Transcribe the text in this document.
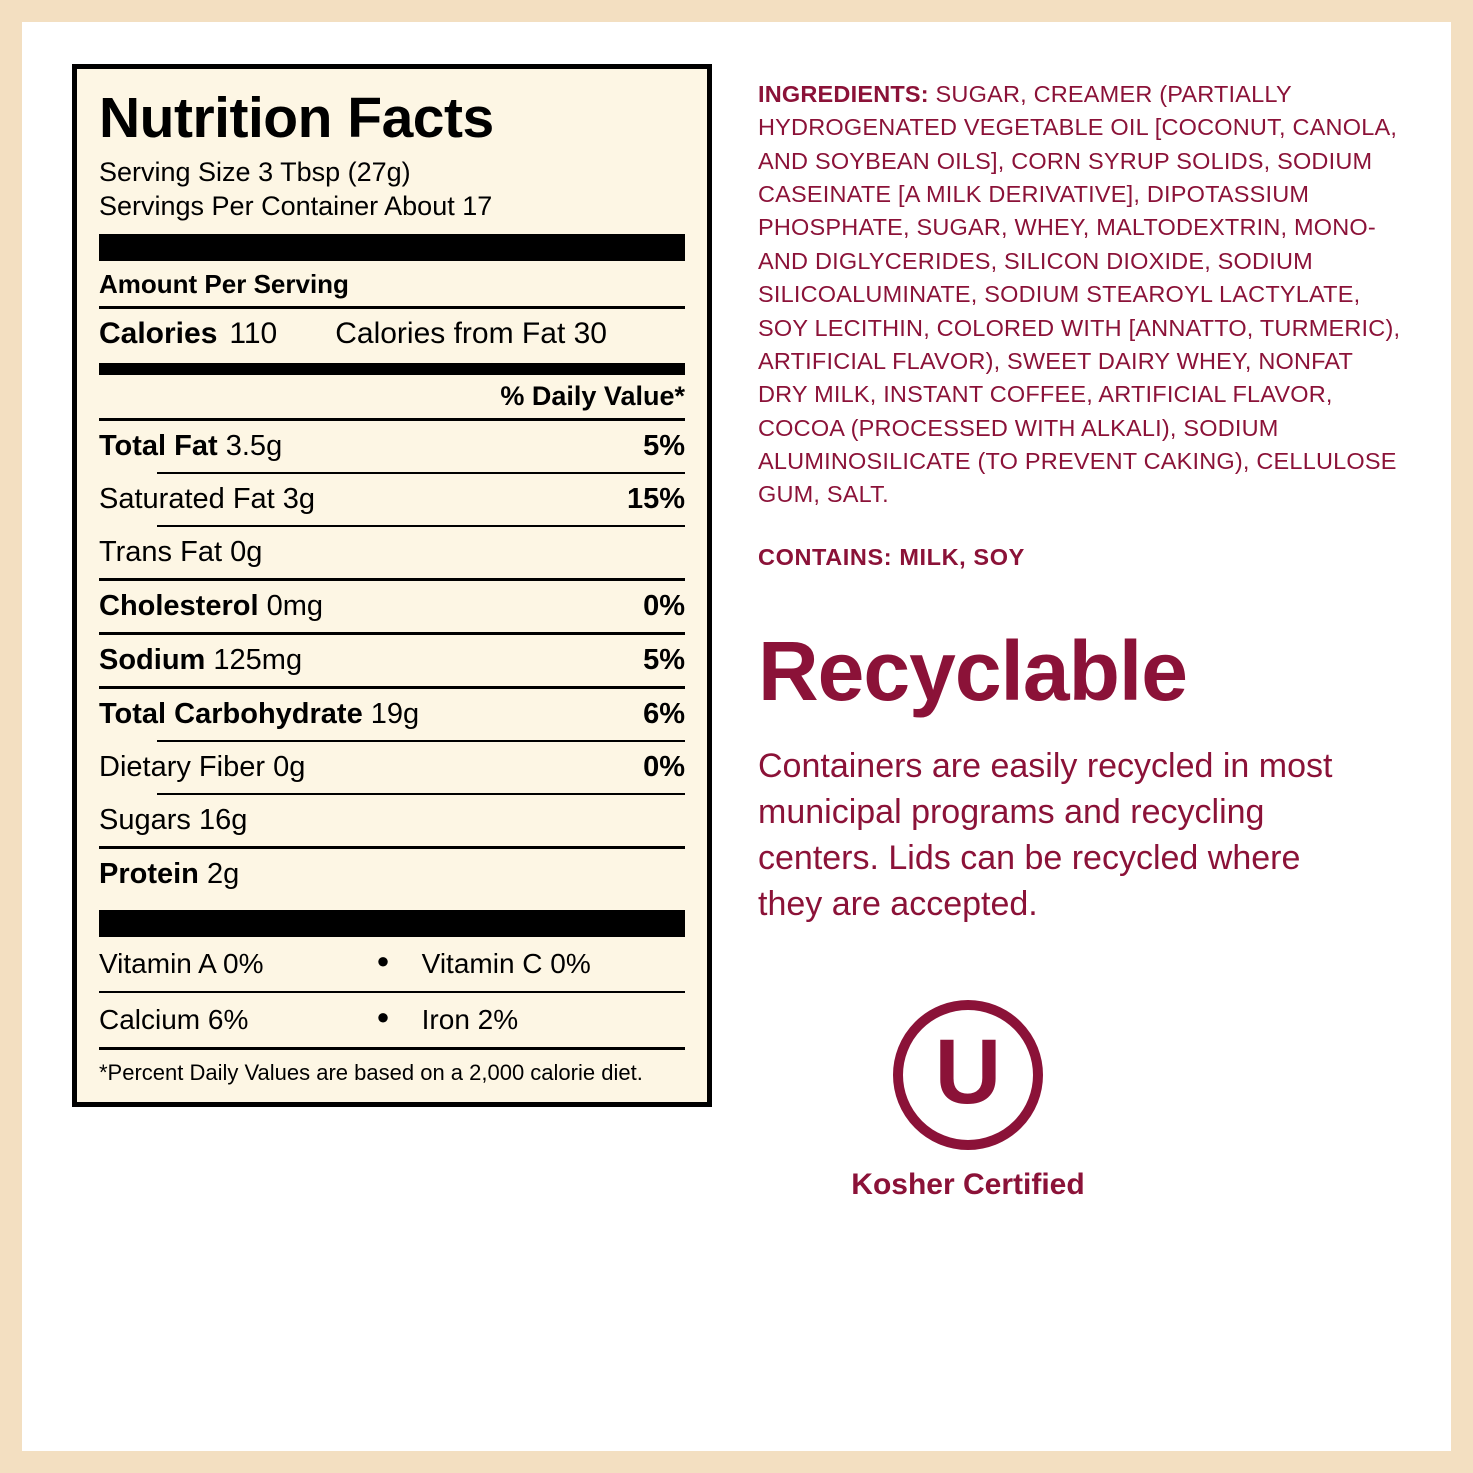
Nutrition Facts
Serving Size 3 Tbsp (27g)
Servings Per Container About 17
Amount Per Serving
Calories 110 Calories from Fat 30
% Daily Value*
Total Fat 3.5g	5%
Saturated Fat 3g	15%
Trans Fat 0g
Cholesterol 0mg	0%
Sodium 125mg	5%
Total Carbohydrate 19g	6%
Dietary Fiber 0g	0%
Sugars 16g
Protein 2g
Vitamin A 0%	●	Vitamin C 0%
Calcium 6%	●	Iron 2%
*Percent Daily Values are based on a 2,000 calorie diet.
INGREDIENTS: SUGAR, CREAMER (PARTIALLY HYDROGENATED VEGETABLE OIL [COCONUT, CANOLA, AND SOYBEAN OILS], CORN SYRUP SOLIDS, SODIUM CASEINATE [A MILK DERIVATIVE], DIPOTASSIUM PHOSPHATE, SUGAR, WHEY, MALTODEXTRIN, MONO- AND DIGLYCERIDES, SILICON DIOXIDE, SODIUM SILICOALUMINATE, SODIUM STEAROYL LACTYLATE, SOY LECITHIN, COLORED WITH [ANNATTO, TURMERIC), ARTIFICIAL FLAVOR), SWEET DAIRY WHEY, NONFAT DRY MILK, INSTANT COFFEE, ARTIFICIAL FLAVOR, COCOA (PROCESSED WITH ALKALI), SODIUM ALUMINOSILICATE (TO PREVENT CAKING), CELLULOSE GUM, SALT.
CONTAINS: MILK, SOY
Recyclable
Containers are easily recycled in most municipal programs and recycling centers. Lids can be recycled where they are accepted.
U
Kosher Certified
